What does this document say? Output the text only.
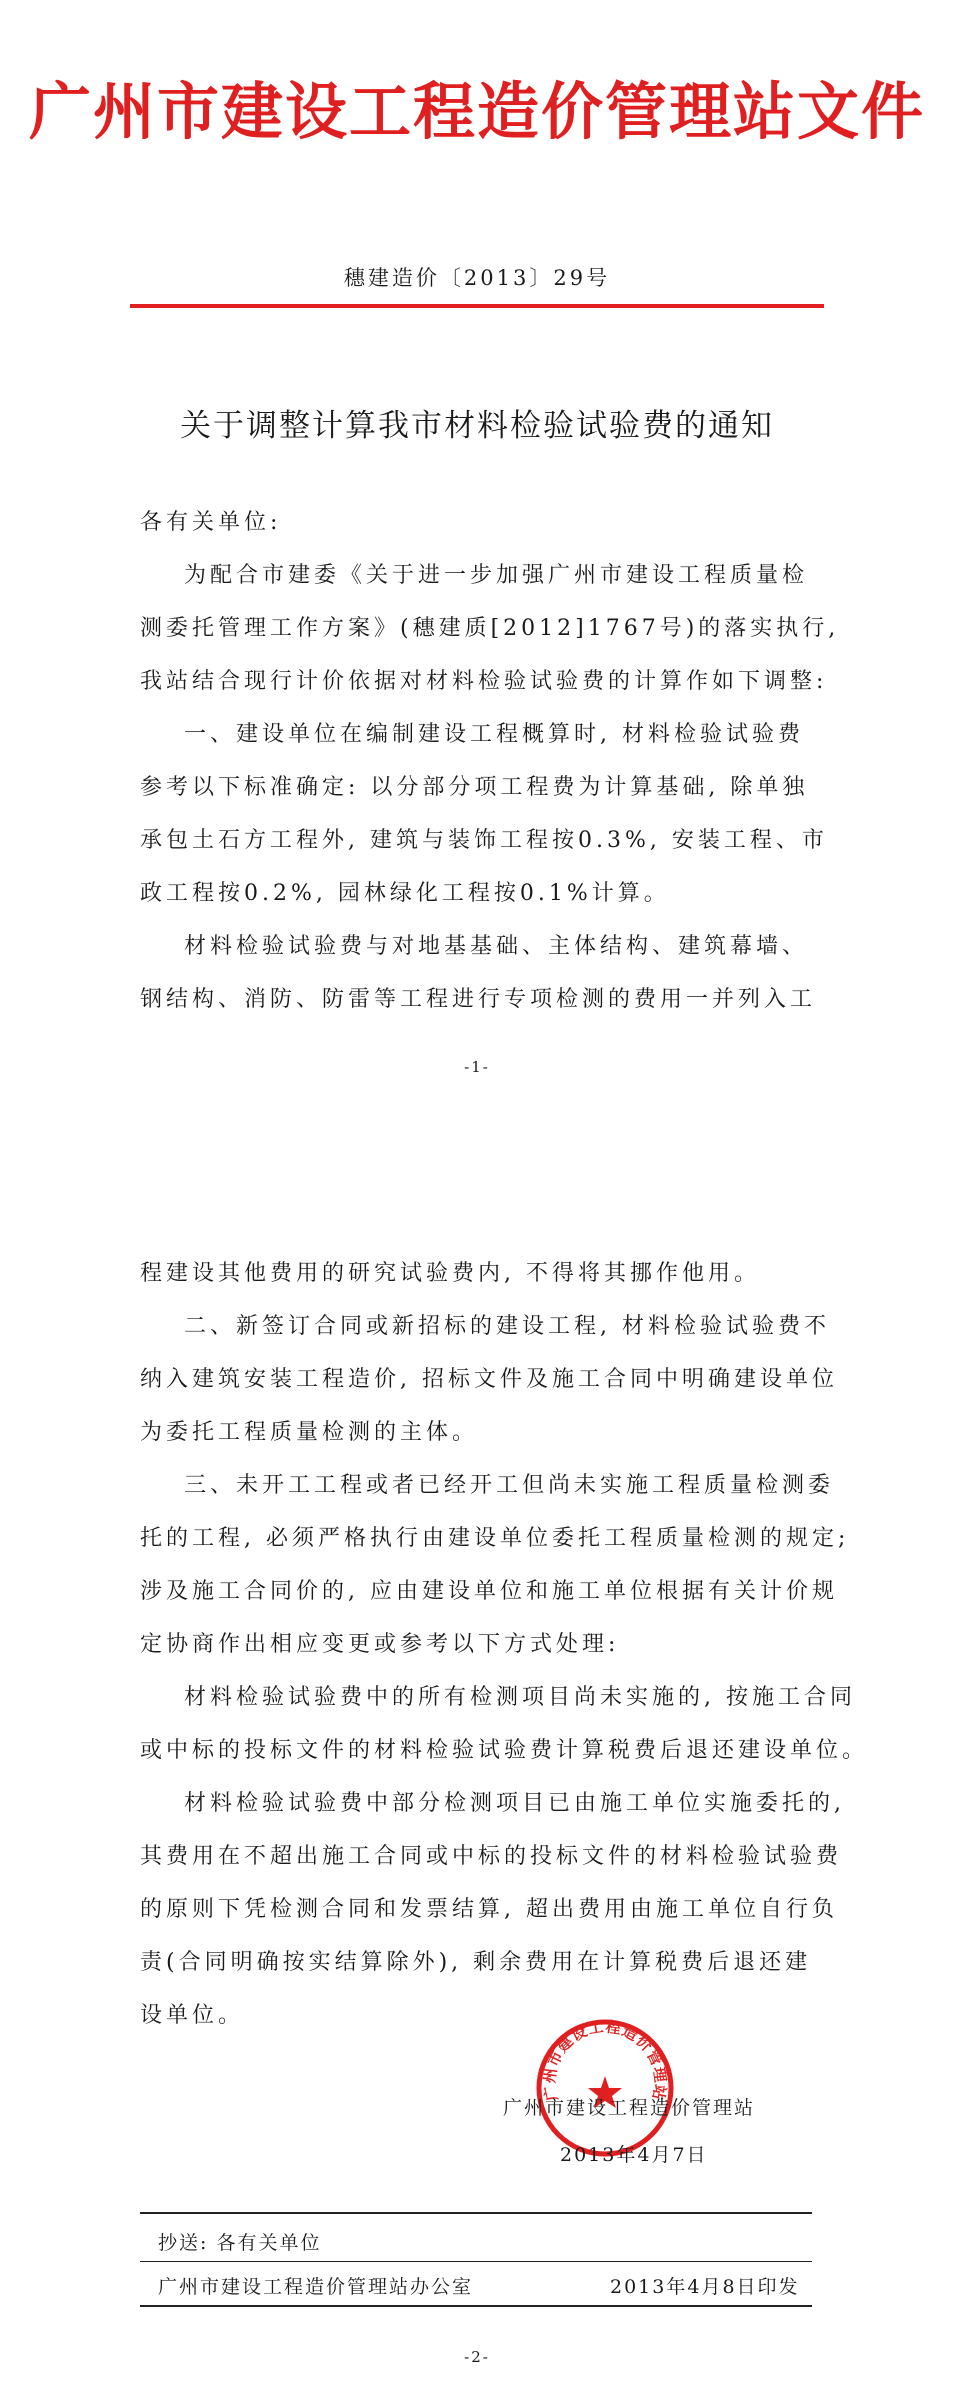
广州市建设工程造价管理站文件
穗建造价〔2013〕29号
关于调整计算我市材料检验试验费的通知
各有关单位:
为配合市建委《关于进一步加强广州市建设工程质量检
测委托管理工作方案》(穗建质[2012]1767号)的落实执行,
我站结合现行计价依据对材料检验试验费的计算作如下调整:
一、建设单位在编制建设工程概算时, 材料检验试验费
参考以下标准确定: 以分部分项工程费为计算基础, 除单独
承包土石方工程外, 建筑与装饰工程按0.3%, 安装工程、市
政工程按0.2%, 园林绿化工程按0.1%计算。
材料检验试验费与对地基基础、主体结构、建筑幕墙、
钢结构、消防、防雷等工程进行专项检测的费用一并列入工
-1-
程建设其他费用的研究试验费内, 不得将其挪作他用。
二、新签订合同或新招标的建设工程, 材料检验试验费不
纳入建筑安装工程造价, 招标文件及施工合同中明确建设单位
为委托工程质量检测的主体。
三、未开工工程或者已经开工但尚未实施工程质量检测委
托的工程, 必须严格执行由建设单位委托工程质量检测的规定;
涉及施工合同价的, 应由建设单位和施工单位根据有关计价规
定协商作出相应变更或参考以下方式处理:
材料检验试验费中的所有检测项目尚未实施的, 按施工合同
或中标的投标文件的材料检验试验费计算税费后退还建设单位。
材料检验试验费中部分检测项目已由施工单位实施委托的,
其费用在不超出施工合同或中标的投标文件的材料检验试验费
的原则下凭检测合同和发票结算, 超出费用由施工单位自行负
责(合同明确按实结算除外), 剩余费用在计算税费后退还建
设单位。
广州市建设工程造价管理站
广州市建设工程造价管理站
2013年4月7日
抄送: 各有关单位
广州市建设工程造价管理站办公室	2013年4月8日印发
-2-
